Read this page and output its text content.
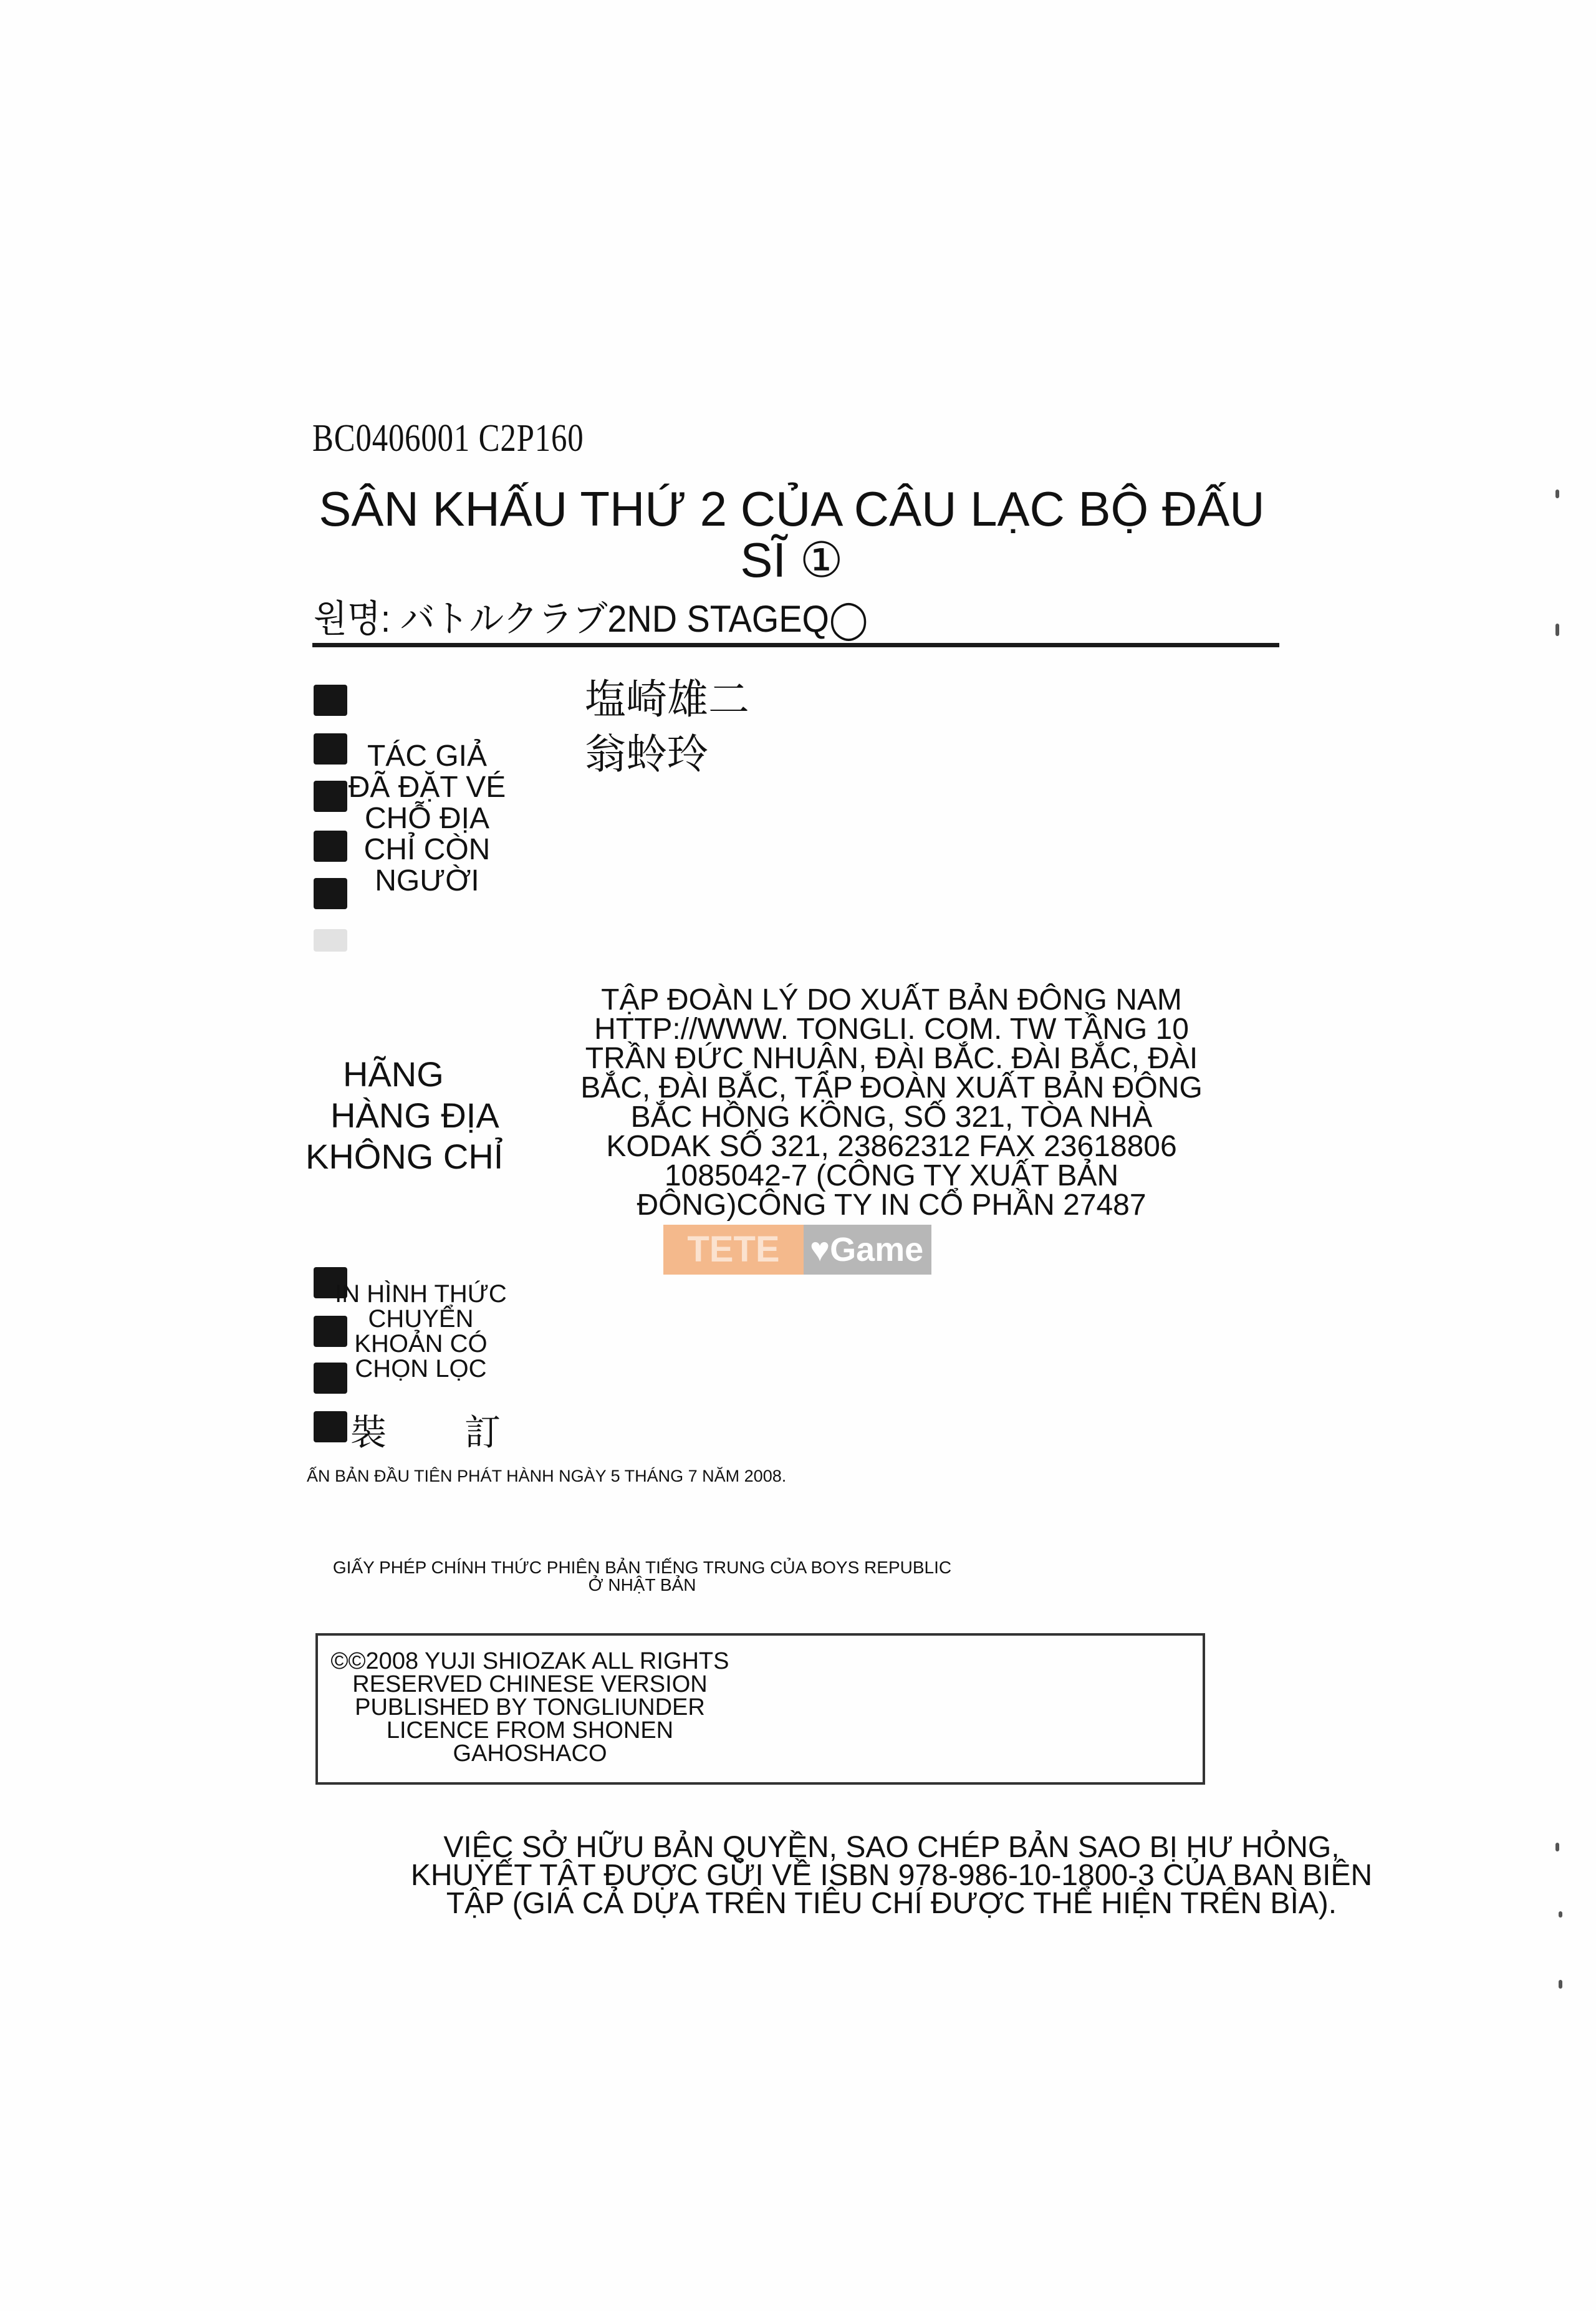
BC0406001 C2P160
SÂN KHẤU THỨ 2 CỦA CÂU LẠC BỘ ĐẤU
SĨ ①
원명: バトルクラブ2ND STAGEQ◯
塩崎雄二
翁蛉玲
TÁC GIẢ
ĐÃ ĐẶT VÉ
CHỖ ĐỊA
CHỈ CÒN
NGƯỜI
TẬP ĐOÀN LÝ DO XUẤT BẢN ĐÔNG NAM
HTTP://WWW. TONGLI. COM. TW TẦNG 10
TRẦN ĐỨC NHUẬN, ĐÀI BẮC. ĐÀI BẮC, ĐÀI
BẮC, ĐÀI BẮC, TẬP ĐOÀN XUẤT BẢN ĐÔNG
BẮC HỒNG KÔNG, SỐ 321, TÒA NHÀ
KODAK SỐ 321, 23862312 FAX 23618806
1085042-7 (CÔNG TY XUẤT BẢN
ĐÔNG)CÔNG TY IN CỔ PHẦN 27487
HÃNG
HÀNG ĐỊA
KHÔNG CHỈ
TETE ♥Game
IN HÌNH THỨC
CHUYỂN
KHOẢN CÓ
CHỌN LỌC
裝 訂
ẤN BẢN ĐẦU TIÊN PHÁT HÀNH NGÀY 5 THÁNG 7 NĂM 2008.
GIẤY PHÉP CHÍNH THỨC PHIÊN BẢN TIẾNG TRUNG CỦA BOYS REPUBLIC
Ở NHẬT BẢN
©©2008 YUJI SHIOZAK ALL RIGHTS
RESERVED CHINESE VERSION
PUBLISHED BY TONGLIUNDER
LICENCE FROM SHONEN
GAHOSHACO
VIỆC SỞ HỮU BẢN QUYỀN, SAO CHÉP BẢN SAO BỊ HƯ HỎNG,
KHUYẾT TẬT ĐƯỢC GỬI VỀ ISBN 978-986-10-1800-3 CỦA BAN BIÊN
TẬP (GIÁ CẢ DỰA TRÊN TIÊU CHÍ ĐƯỢC THỂ HIỆN TRÊN BÌA).
